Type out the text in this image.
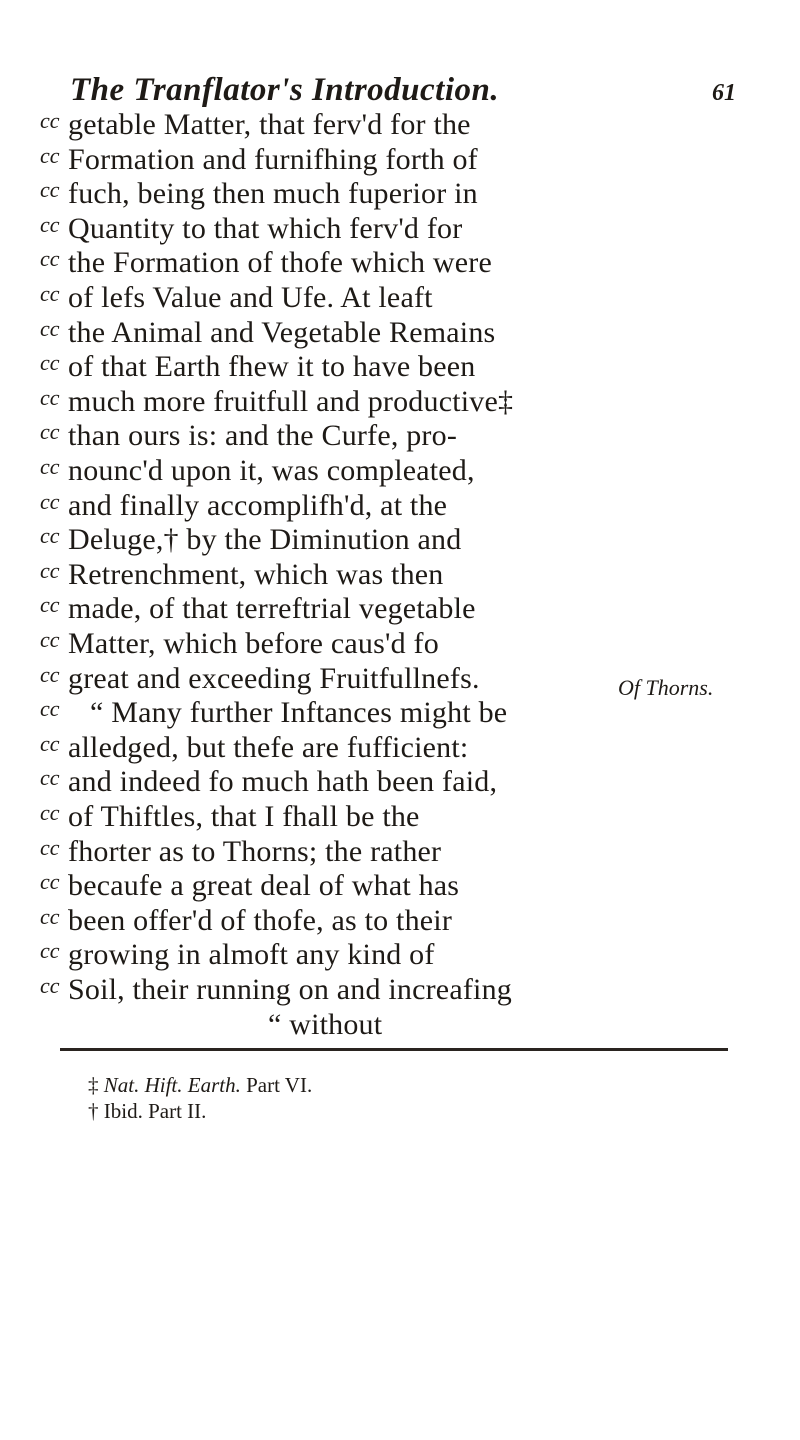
The Tranflator's Introduction.	61
cc
cc
cc
cc
cc
cc
cc
cc
cc
cc
cc
cc
cc
cc
cc
cc
cc
cc
cc
cc
cc
cc
cc
cc
cc
cc
getable Matter, that ferv'd for the
Formation and furnifhing forth of
fuch, being then much fuperior in
Quantity to that which ferv'd for
the Formation of thofe which were
of lefs Value and Ufe. At leaft
the Animal and Vegetable Remains
of that Earth fhew it to have been
much more fruitfull and productive‡
than ours is: and the Curfe, pro-
nounc'd upon it, was compleated,
and finally accomplifh'd, at the
Deluge,† by the Diminution and
Retrenchment, which was then
made, of that terreftrial vegetable
Matter, which before caus'd fo
great and exceeding Fruitfullnefs.
“ Many further Inftances might be
alledged, but thefe are fufficient:
and indeed fo much hath been faid,
of Thiftles, that I fhall be the
fhorter as to Thorns; the rather
becaufe a great deal of what has
been offer'd of thofe, as to their
growing in almoft any kind of
Soil, their running on and increafing
“ without
Of Thorns.
‡ Nat. Hift. Earth. Part VI.
† Ibid. Part II.
